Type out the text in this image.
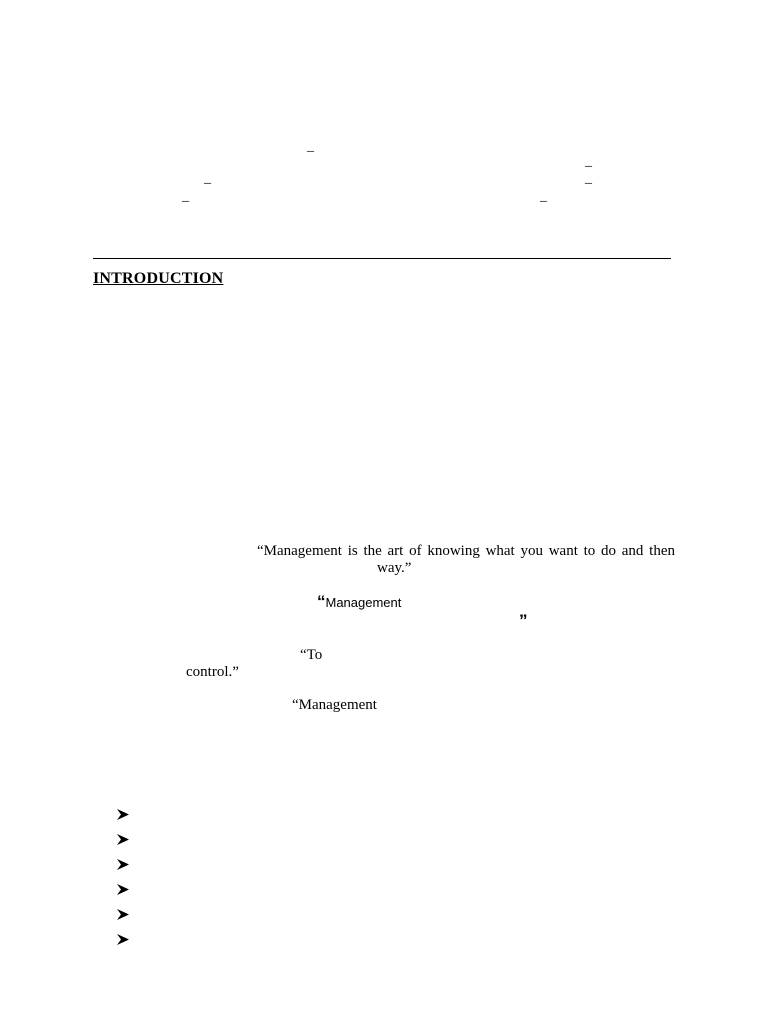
_
_
_	_
_	_
INTRODUCTION
“Management is the art of knowing what you want to do and then
way.”
“Management
”
“To
control.”
“Management
